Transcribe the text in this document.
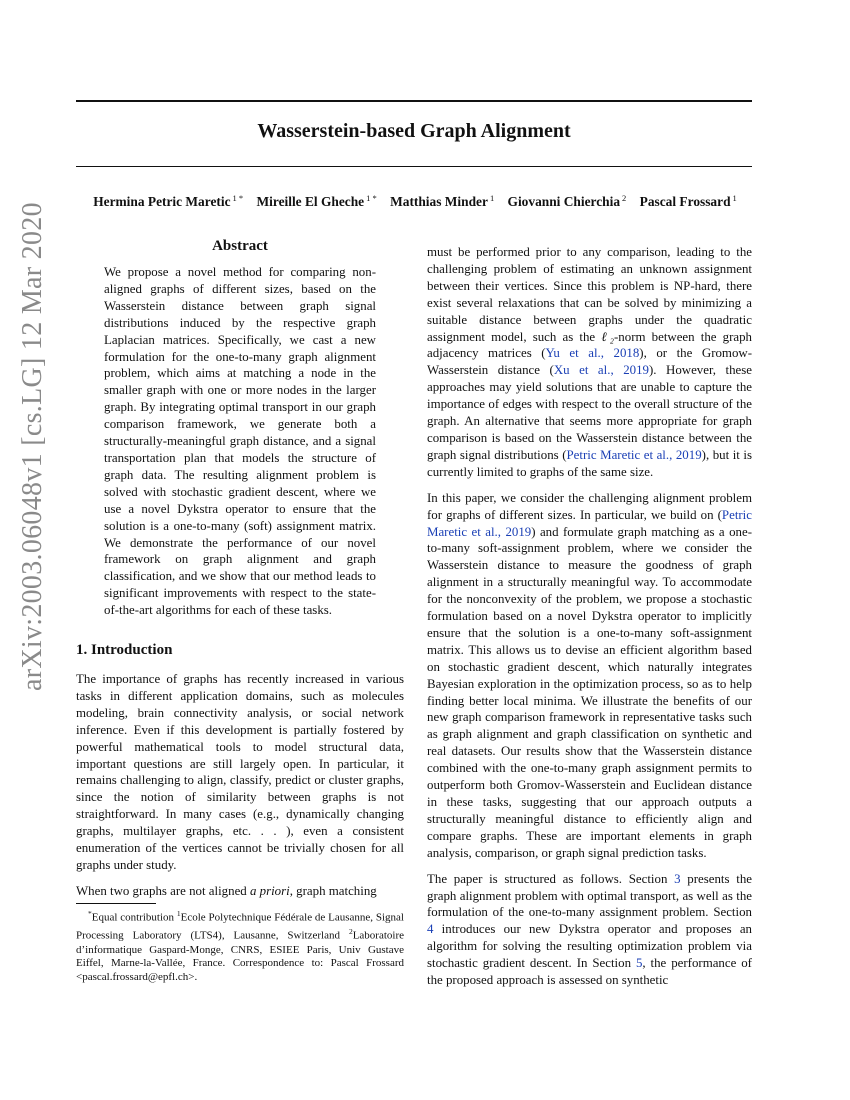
arXiv:2003.06048v1 [cs.LG] 12 Mar 2020
Wasserstein-based Graph Alignment
Hermina Petric Maretic $^{1 *}$ Mireille El Gheche $^{1 *}$ Matthias Minder $^1$ Giovanni Chierchia $^2$ Pascal Frossard $^1$
Abstract
We propose a novel method for comparing non-aligned graphs of different sizes, based on the Wasserstein distance between graph signal distributions induced by the respective graph Laplacian matrices. Specifically, we cast a new formulation for the one-to-many graph alignment problem, which aims at matching a node in the smaller graph with one or more nodes in the larger graph. By integrating optimal transport in our graph comparison framework, we generate both a structurally-meaningful graph distance, and a signal transportation plan that models the structure of graph data. The resulting alignment problem is solved with stochastic gradient descent, where we use a novel Dykstra operator to ensure that the solution is a one-to-many (soft) assignment matrix. We demonstrate the performance of our novel framework on graph alignment and graph classification, and we show that our method leads to significant improvements with respect to the state-of-the-art algorithms for each of these tasks.
1. Introduction

The importance of graphs has recently increased in various tasks in different application domains, such as molecules modeling, brain connectivity analysis, or social network inference. Even if this development is partially fostered by powerful mathematical tools to model structural data, important questions are still largely open. In particular, it remains challenging to align, classify, predict or cluster graphs, since the notion of similarity between graphs is not straightforward. In many cases (e.g., dynamically changing graphs, multilayer graphs, etc. . . ), even a consistent enumeration of the vertices cannot be trivially chosen for all graphs under study.

When two graphs are not aligned a priori, graph matching

*Equal contribution $^1$Ecole Polytechnique Fédérale de Lausanne, Signal Processing Laboratory (LTS4), Lausanne, Switzerland $^2$Laboratoire d’informatique Gaspard-Monge, CNRS, ESIEE Paris, Univ Gustave Eiffel, Marne-la-Vallée, France. Correspondence to: Pascal Frossard <pascal.frossard@epfl.ch>.

must be performed prior to any comparison, leading to the challenging problem of estimating an unknown assignment between their vertices. Since this problem is NP-hard, there exist several relaxations that can be solved by minimizing a suitable distance between graphs under the quadratic assignment model, such as the ℓ₂-norm between the graph adjacency matrices (Yu et al., 2018), or the Gromow-Wasserstein distance (Xu et al., 2019). However, these approaches may yield solutions that are unable to capture the importance of edges with respect to the overall structure of the graph. An alternative that seems more appropriate for graph comparison is based on the Wasserstein distance between the graph signal distributions (Petric Maretic et al., 2019), but it is currently limited to graphs of the same size.

In this paper, we consider the challenging alignment problem for graphs of different sizes. In particular, we build on (Petric Maretic et al., 2019) and formulate graph matching as a one-to-many soft-assignment problem, where we consider the Wasserstein distance to measure the goodness of graph alignment in a structurally meaningful way. To accommodate for the nonconvexity of the problem, we propose a stochastic formulation based on a novel Dykstra operator to implicitly ensure that the solution is a one-to-many soft-assignment matrix. This allows us to devise an efficient algorithm based on stochastic gradient descent, which naturally integrates Bayesian exploration in the optimization process, so as to help finding better local minima. We illustrate the benefits of our new graph comparison framework in representative tasks such as graph alignment and graph classification on synthetic and real datasets. Our results show that the Wasserstein distance combined with the one-to-many graph assignment permits to outperform both Gromov-Wasserstein and Euclidean distance in these tasks, suggesting that our approach outputs a structurally meaningful distance to efficiently align and compare graphs. These are important elements in graph analysis, comparison, or graph signal prediction tasks.

The paper is structured as follows. Section 3 presents the graph alignment problem with optimal transport, as well as the formulation of the one-to-many assignment problem. Section 4 introduces our new Dykstra operator and proposes an algorithm for solving the resulting optimization problem via stochastic gradient descent. In Section 5, the performance of the proposed approach is assessed on synthetic
